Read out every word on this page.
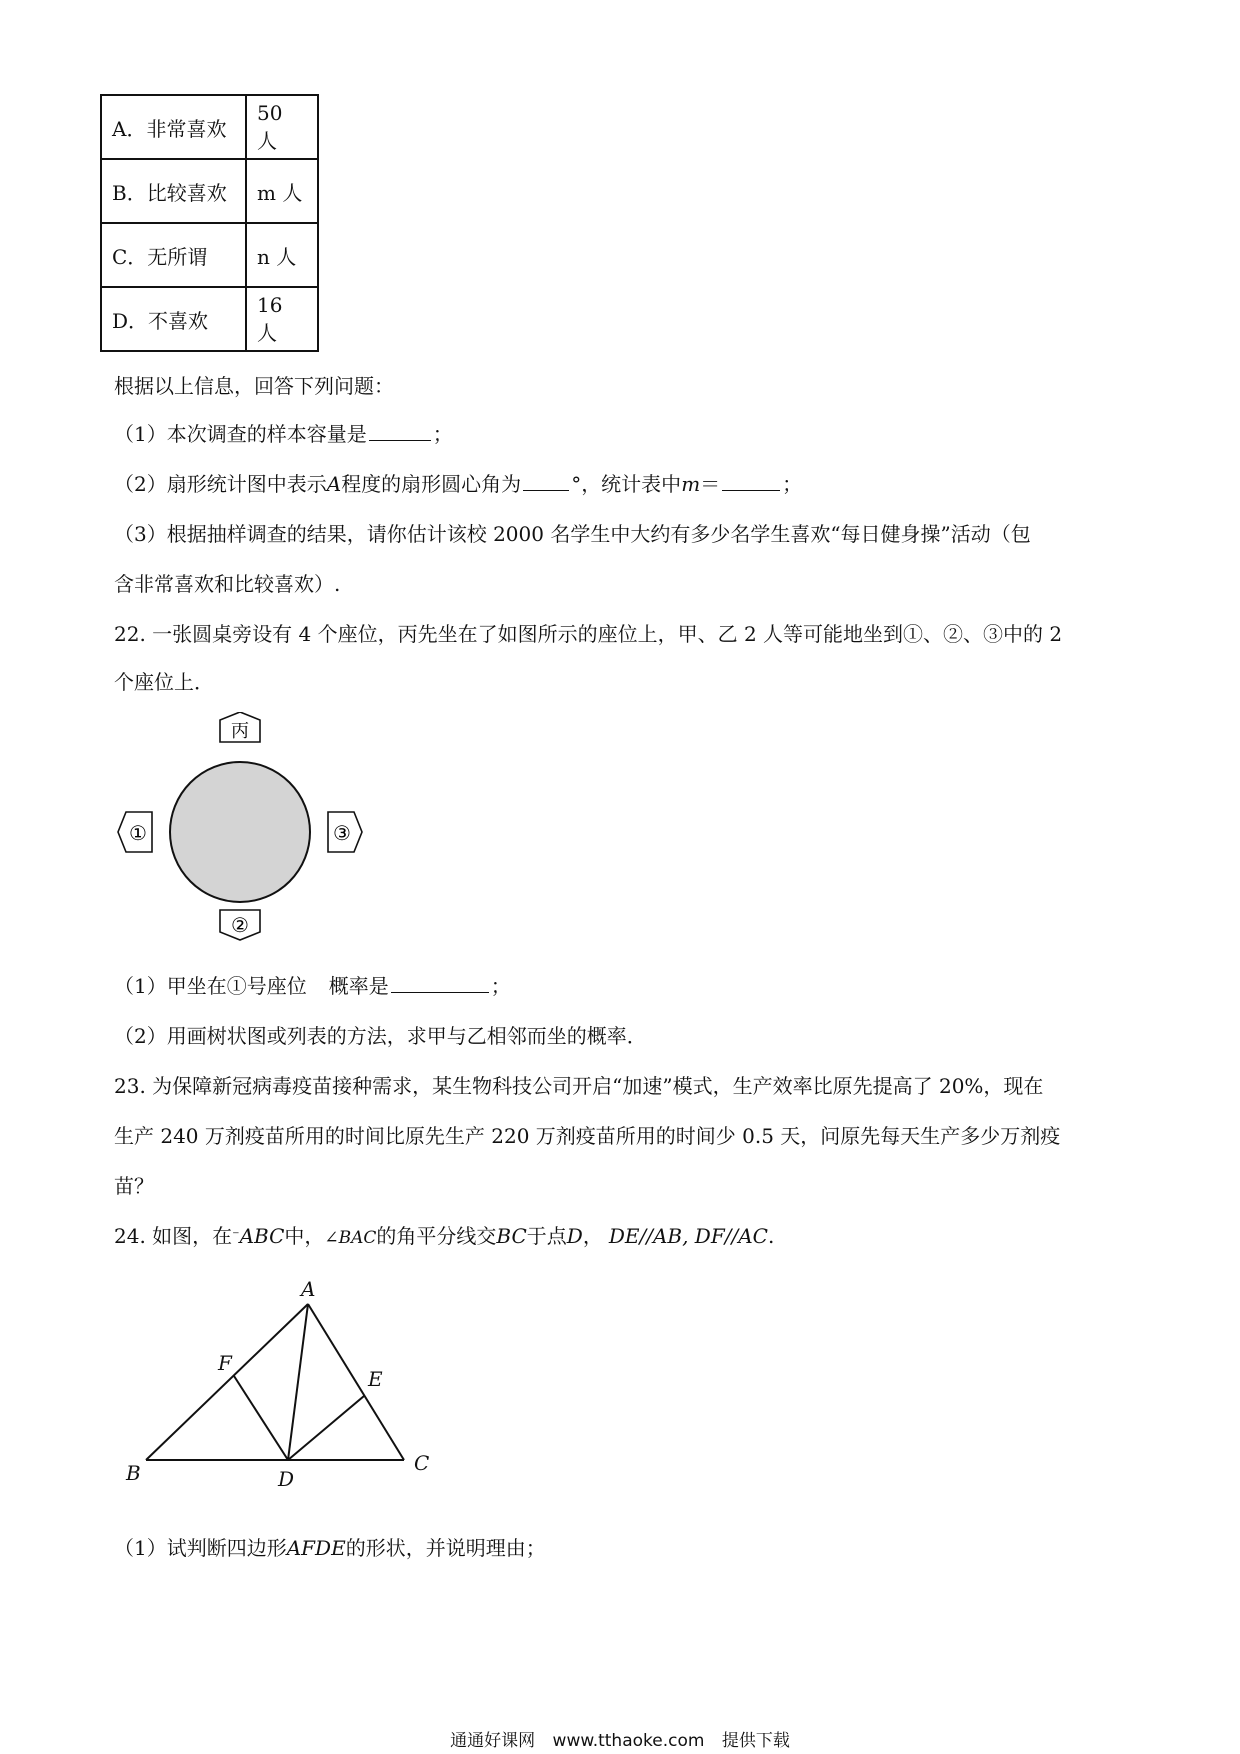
A．非常喜欢	50 人
B．比较喜欢	m 人
C．无所谓	n 人
D．不喜欢	16 人
根据以上信息，回答下列问题：
（1）本次调查的样本容量是	；
（2）扇形统计图中表示A程度的扇形圆心角为	°，统计表中m＝	；
（3）根据抽样调查的结果，请你估计该校 2000 名学生中大约有多少名学生喜欢“每日健身操”活动（包
含非常喜欢和比较喜欢）.
22. 一张圆桌旁设有 4 个座位，丙先坐在了如图所示的座位上，甲、乙 2 人等可能地坐到①、②、③中的 2
个座位上．
丙
①	③
②
（1）甲坐在①号座位 概率是	；
（2）用画树状图或列表的方法，求甲与乙相邻而坐的概率．
23. 为保障新冠病毒疫苗接种需求，某生物科技公司开启“加速”模式，生产效率比原先提高了 20%，现在
生产 240 万剂疫苗所用的时间比原先生产 220 万剂疫苗所用的时间少 0.5 天，问原先每天生产多少万剂疫
苗？
24. 如图，在⁻ABC中，∠BAC的角平分线交BC于点D， DE//AB, DF//AC.
A
B	C
D
E
F
（1）试判断四边形AFDE的形状，并说明理由；
通通好课网 www.tthaoke.com 提供下载
